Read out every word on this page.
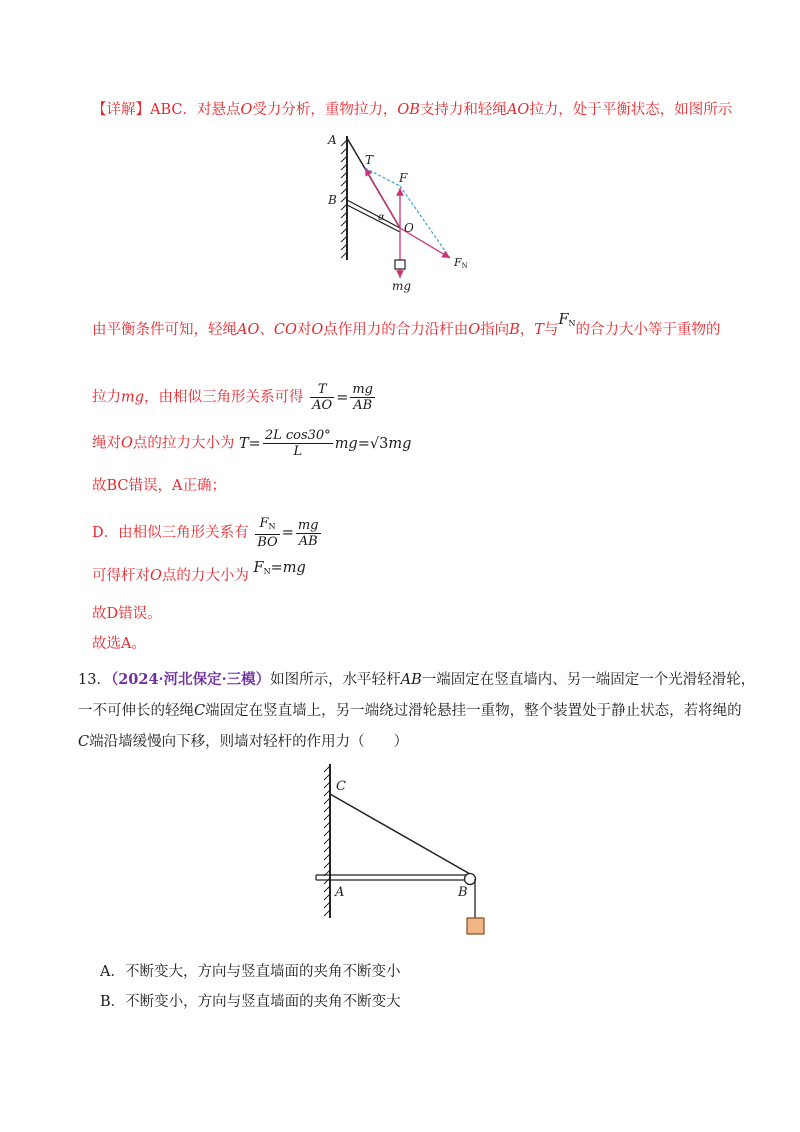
【详解】ABC．对悬点O受力分析，重物拉力，OB支持力和轻绳AO拉力，处于平衡状态，如图所示
A
T
F
B
α
O
FN
mg
由平衡条件可知，轻绳AO、CO对O点作用力的合力沿杆由O指向B，T与$F^N$的合力大小等于重物的
拉力mg，由相似三角形关系可得 $\frac{T}{AO} = \frac{mg}{AB}$
绳对O点的拉力大小为 $T= \frac{\text{2L cos30°}}{L} mg=√3mg$
故BC错误，A正确；
D．由相似三角形关系有 $\frac{F_N}{BO} = \frac{mg}{AB}$
可得杆对O点的力大小为 $F_N=mg$
故D错误。
故选A。
13．（2024·河北保定·三模）如图所示，水平轻杆AB一端固定在竖直墙内、另一端固定一个光滑轻滑轮，
一不可伸长的轻绳C端固定在竖直墙上，另一端绕过滑轮悬挂一重物，整个装置处于静止状态，若将绳的
C端沿墙缓慢向下移，则墙对轻杆的作用力（　　）
C
A	B
A．不断变大，方向与竖直墙面的夹角不断变小
B．不断变小，方向与竖直墙面的夹角不断变大
